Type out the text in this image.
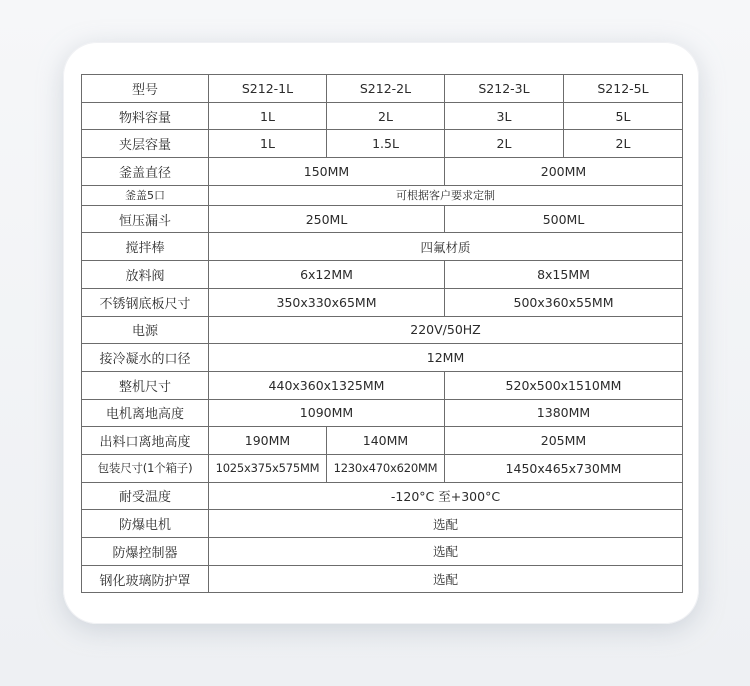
型号	S212-1L	S212-2L	S212-3L	S212-5L
物料容量	1L	2L	3L	5L
夹层容量	1L	1.5L	2L	2L
釜盖直径	150MM		200MM	
釜盖5口	可根据客户要求定制			
恒压漏斗	250ML		500ML	
搅拌棒	四氟材质			
放料阀	6x12MM		8x15MM	
不锈钢底板尺寸	350x330x65MM		500x360x55MM	
电源	220V/50HZ			
接冷凝水的口径	12MM			
整机尺寸	440x360x1325MM		520x500x1510MM	
电机离地高度	1090MM		1380MM	
出料口离地高度	190MM	140MM	205MM	
包装尺寸(1个箱子)	1025x375x575MM	1230x470x620MM	1450x465x730MM	
耐受温度	-120°C 至+300°C			
防爆电机	选配			
防爆控制器	选配			
钢化玻璃防护罩	选配			
